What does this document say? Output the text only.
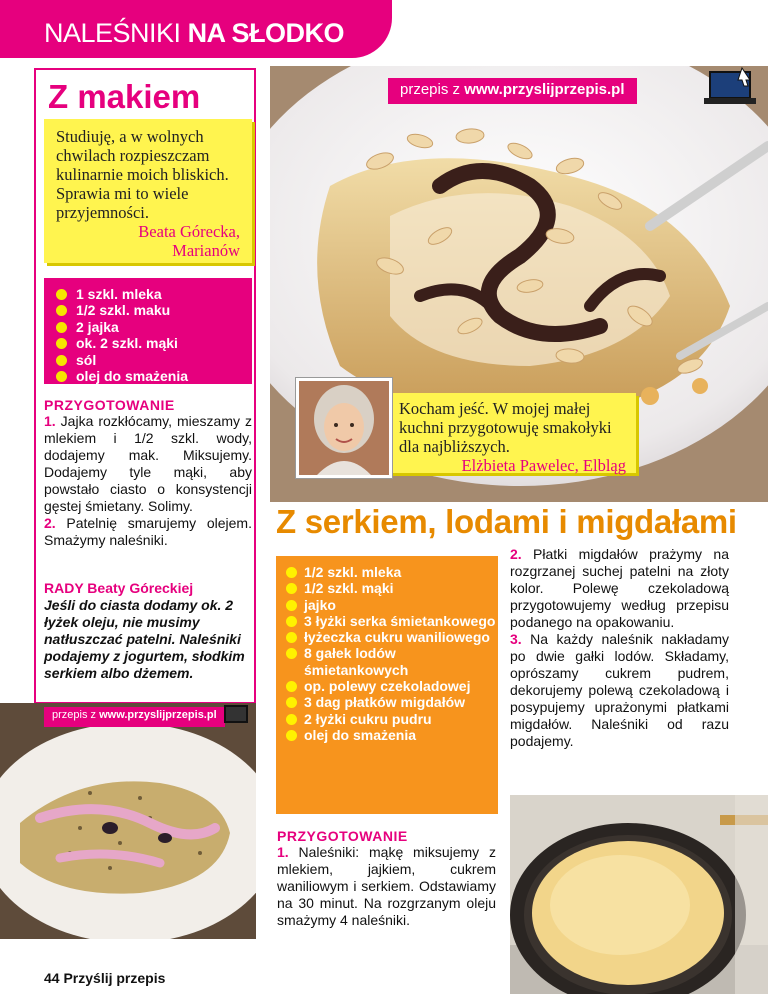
NALEŚNIKI NA SŁODKO
przepis z www.przyslijprzepis.pl
Z makiem
Studiuję, a w wolnych chwilach rozpieszczam kulinarnie moich bliskich. Sprawia mi to wiele przyjemności.
Beata Górecka,
Marianów
1 szkl. mleka
1/2 szkl. maku
2 jajka
ok. 2 szkl. mąki
sól
olej do smażenia
PRZYGOTOWANIE

1. Jajka rozkłócamy, mieszamy z mlekiem i 1/2 szkl. wody, dodajemy mak. Miksujemy. Dodajemy tyle mąki, aby powstało ciasto o konsystencji gęstej śmietany. Solimy.

2. Patelnię smarujemy olejem. Smażymy naleśniki.

RADY Beaty Góreckiej

Jeśli do ciasta dodamy ok. 2 łyżek oleju, nie musimy natłuszczać patelni. Naleśniki podajemy z jogurtem, słodkim serkiem albo dżemem.

przepis z www.przyslijprzepis.pl
Kocham jeść. W mojej małej kuchni przygotowuję smakołyki dla najbliższych.
Elżbieta Pawelec, Elbląg
Z serkiem, lodami i migdałami
1/2 szkl. mleka
1/2 szkl. mąki
jajko
3 łyżki serka śmietankowego
łyżeczka cukru waniliowego
8 gałek lodów śmietankowych
op. polewy czekoladowej
3 dag płatków migdałów
2 łyżki cukru pudru
olej do smażenia
PRZYGOTOWANIE

1. Naleśniki: mąkę miksujemy z mlekiem, jajkiem, cukrem waniliowym i serkiem. Odstawiamy na 30 minut. Na rozgrzanym oleju smażymy 4 naleśniki.

2. Płatki migdałów prażymy na rozgrzanej suchej patelni na złoty kolor. Polewę czekoladową przygotowujemy według przepisu podanego na opakowaniu.

3. Na każdy naleśnik nakładamy po dwie gałki lodów. Składamy, oprószamy cukrem pudrem, dekorujemy polewą czekoladową i posypujemy uprażonymi płatkami migdałów. Naleśniki od razu podajemy.

44 Przyślij przepis
